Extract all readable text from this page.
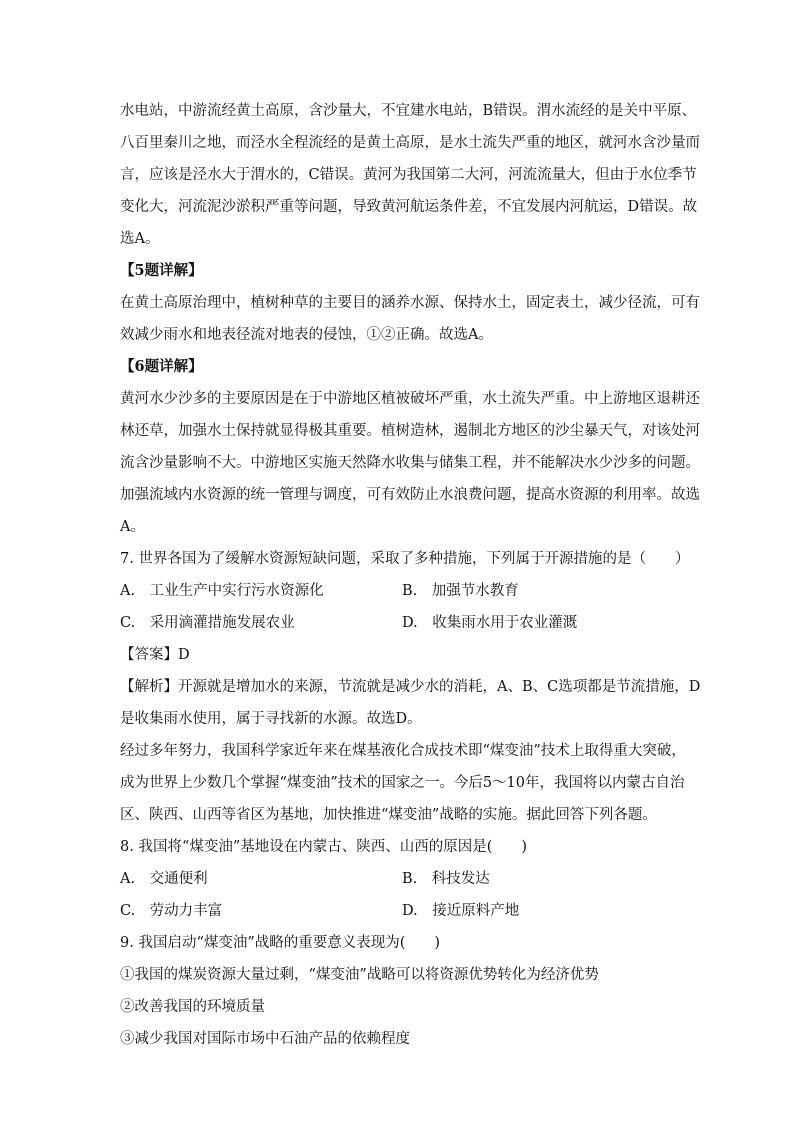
水电站，中游流经黄土高原，含沙量大，不宜建水电站，B错误。渭水流经的是关中平原、
八百里秦川之地，而泾水全程流经的是黄土高原，是水土流失严重的地区，就河水含沙量而
言，应该是泾水大于渭水的，C错误。黄河为我国第二大河，河流流量大，但由于水位季节
变化大，河流泥沙淤积严重等问题，导致黄河航运条件差，不宜发展内河航运，D错误。故
选A。
【5题详解】
在黄土高原治理中，植树种草的主要目的涵养水源、保持水土，固定表土，减少径流，可有
效减少雨水和地表径流对地表的侵蚀，①②正确。故选A。
【6题详解】
黄河水少沙多的主要原因是在于中游地区植被破坏严重，水土流失严重。中上游地区退耕还
林还草，加强水土保持就显得极其重要。植树造林，遏制北方地区的沙尘暴天气，对该处河
流含沙量影响不大。中游地区实施天然降水收集与储集工程，并不能解决水少沙多的问题。
加强流域内水资源的统一管理与调度，可有效防止水浪费问题，提高水资源的利用率。故选
A。
7. 世界各国为了缓解水资源短缺问题，采取了多种措施，下列属于开源措施的是（　　）
A.　工业生产中实行污水资源化	B.　加强节水教育
C.　采用滴灌措施发展农业	D.　收集雨水用于农业灌溉
【答案】D
【解析】开源就是增加水的来源，节流就是减少水的消耗，A、B、C选项都是节流措施，D
是收集雨水使用，属于寻找新的水源。故选D。
经过多年努力，我国科学家近年来在煤基液化合成技术即“煤变油”技术上取得重大突破，
成为世界上少数几个掌握“煤变油”技术的国家之一。今后5～10年，我国将以内蒙古自治
区、陕西、山西等省区为基地，加快推进“煤变油”战略的实施。据此回答下列各题。
8. 我国将“煤变油”基地设在内蒙古、陕西、山西的原因是(　　)
A.　交通便利	B.　科技发达
C.　劳动力丰富	D.　接近原料产地
9. 我国启动“煤变油”战略的重要意义表现为(　　)
①我国的煤炭资源大量过剩，“煤变油”战略可以将资源优势转化为经济优势
②改善我国的环境质量
③减少我国对国际市场中石油产品的依赖程度
